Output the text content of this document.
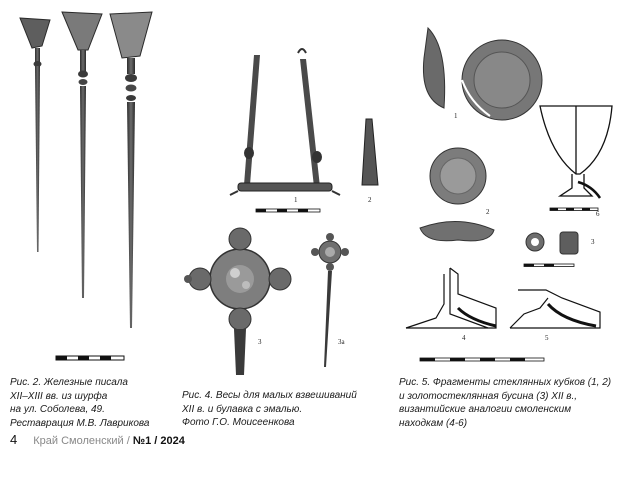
1	2
3	3а
1
2
3
4	5
6
Рис. 2. Железные писала
XII–XIII вв. из шурфа
на ул. Соболева, 49.
Реставрация М.В. Лаврикова
Рис. 4. Весы для малых взвешиваний
XII в. и булавка с эмалью.
Фото Г.О. Моисеенкова
Рис. 5. Фрагменты стеклянных кубков (1, 2)
и золотостеклянная бусина (3) XII в.,
византийские аналогии смоленским
находкам (4-6)
4 Край Смоленский / №1 / 2024
